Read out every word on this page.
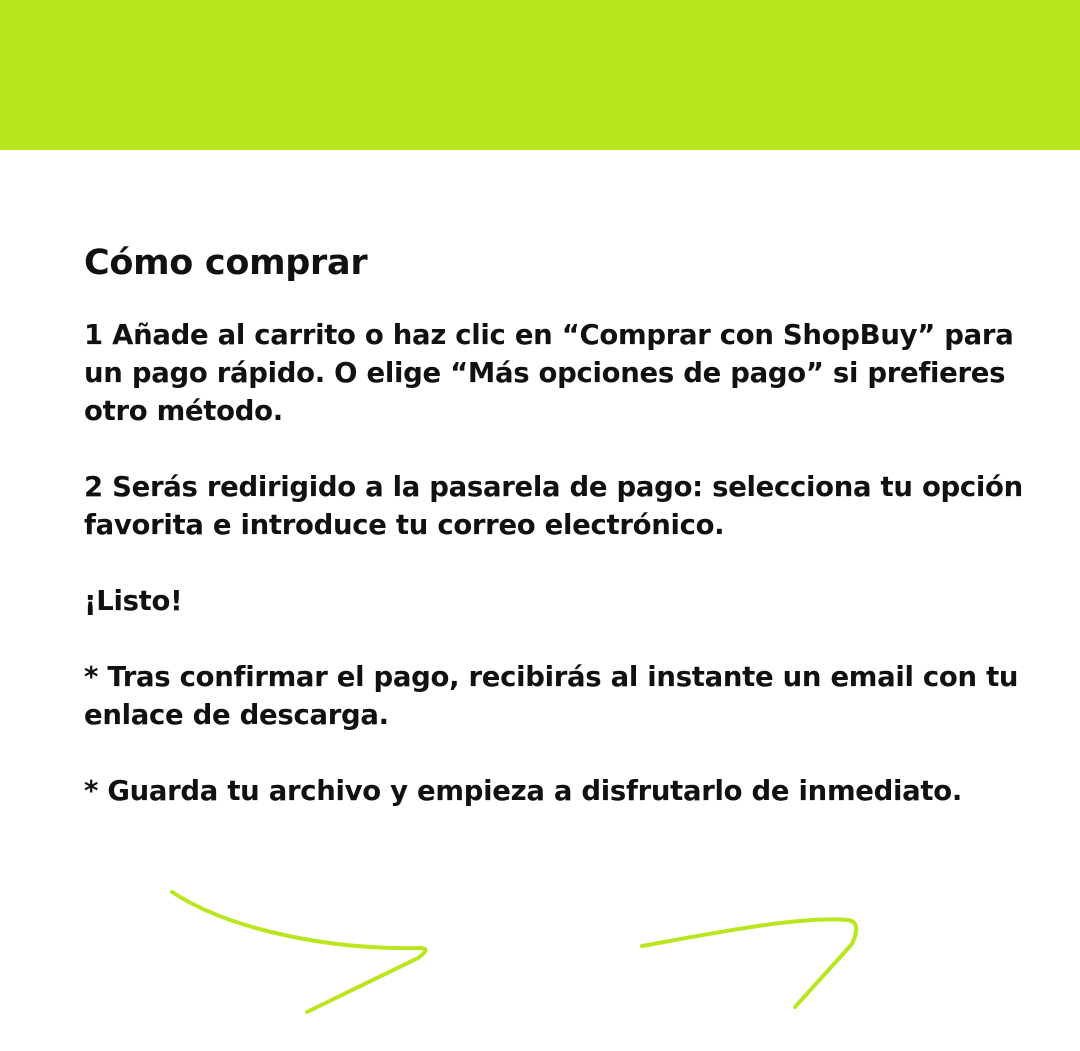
Cómo comprar
1 Añade al carrito o haz clic en “Comprar con ShopBuy” para un pago rápido. O elige “Más opciones de pago” si prefieres otro método.
2 Serás redirigido a la pasarela de pago: selecciona tu opción favorita e introduce tu correo electrónico.
¡Listo!
* Tras confirmar el pago, recibirás al instante un email con tu enlace de descarga.
* Guarda tu archivo y empieza a disfrutarlo de inmediato.
